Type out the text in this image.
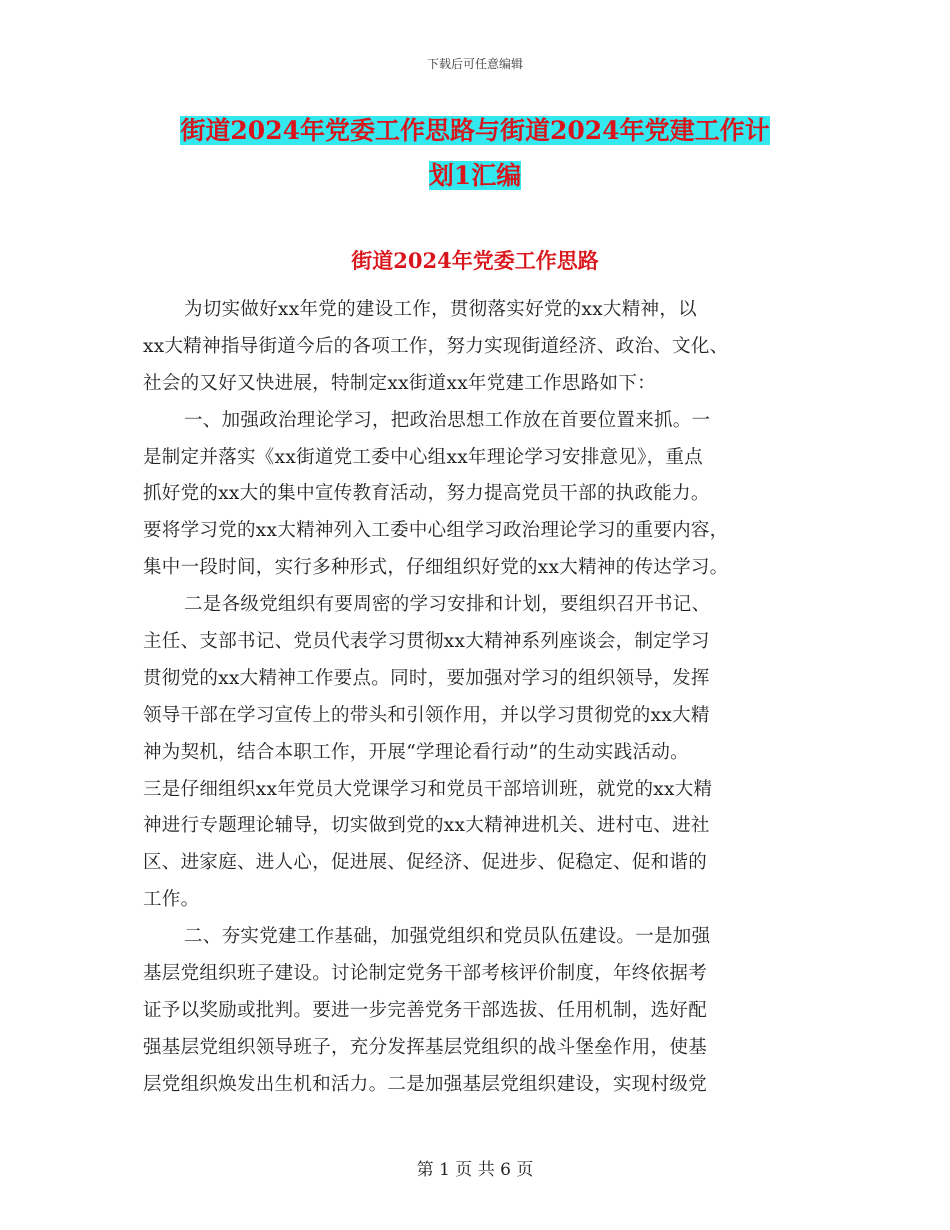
下载后可任意编辑
街道2024年党委工作思路与街道2024年党建工作计
划1汇编
街道2024年党委工作思路
为切实做好xx年党的建设工作，贯彻落实好党的xx大精神，以
xx大精神指导街道今后的各项工作，努力实现街道经济、政治、文化、
社会的又好又快进展，特制定xx街道xx年党建工作思路如下：
一、加强政治理论学习，把政治思想工作放在首要位置来抓。一
是制定并落实《xx街道党工委中心组xx年理论学习安排意见》，重点
抓好党的xx大的集中宣传教育活动，努力提高党员干部的执政能力。
要将学习党的xx大精神列入工委中心组学习政治理论学习的重要内容，
集中一段时间，实行多种形式，仔细组织好党的xx大精神的传达学习。
二是各级党组织有要周密的学习安排和计划，要组织召开书记、
主任、支部书记、党员代表学习贯彻xx大精神系列座谈会，制定学习
贯彻党的xx大精神工作要点。同时，要加强对学习的组织领导，发挥
领导干部在学习宣传上的带头和引领作用，并以学习贯彻党的xx大精
神为契机，结合本职工作，开展“学理论看行动”的生动实践活动。
三是仔细组织xx年党员大党课学习和党员干部培训班，就党的xx大精
神进行专题理论辅导，切实做到党的xx大精神进机关、进村屯、进社
区、进家庭、进人心，促进展、促经济、促进步、促稳定、促和谐的
工作。
二、夯实党建工作基础，加强党组织和党员队伍建设。一是加强
基层党组织班子建设。讨论制定党务干部考核评价制度，年终依据考
证予以奖励或批判。要进一步完善党务干部选拔、任用机制，选好配
强基层党组织领导班子，充分发挥基层党组织的战斗堡垒作用，使基
层党组织焕发出生机和活力。二是加强基层党组织建设，实现村级党
第 1 页 共 6 页
